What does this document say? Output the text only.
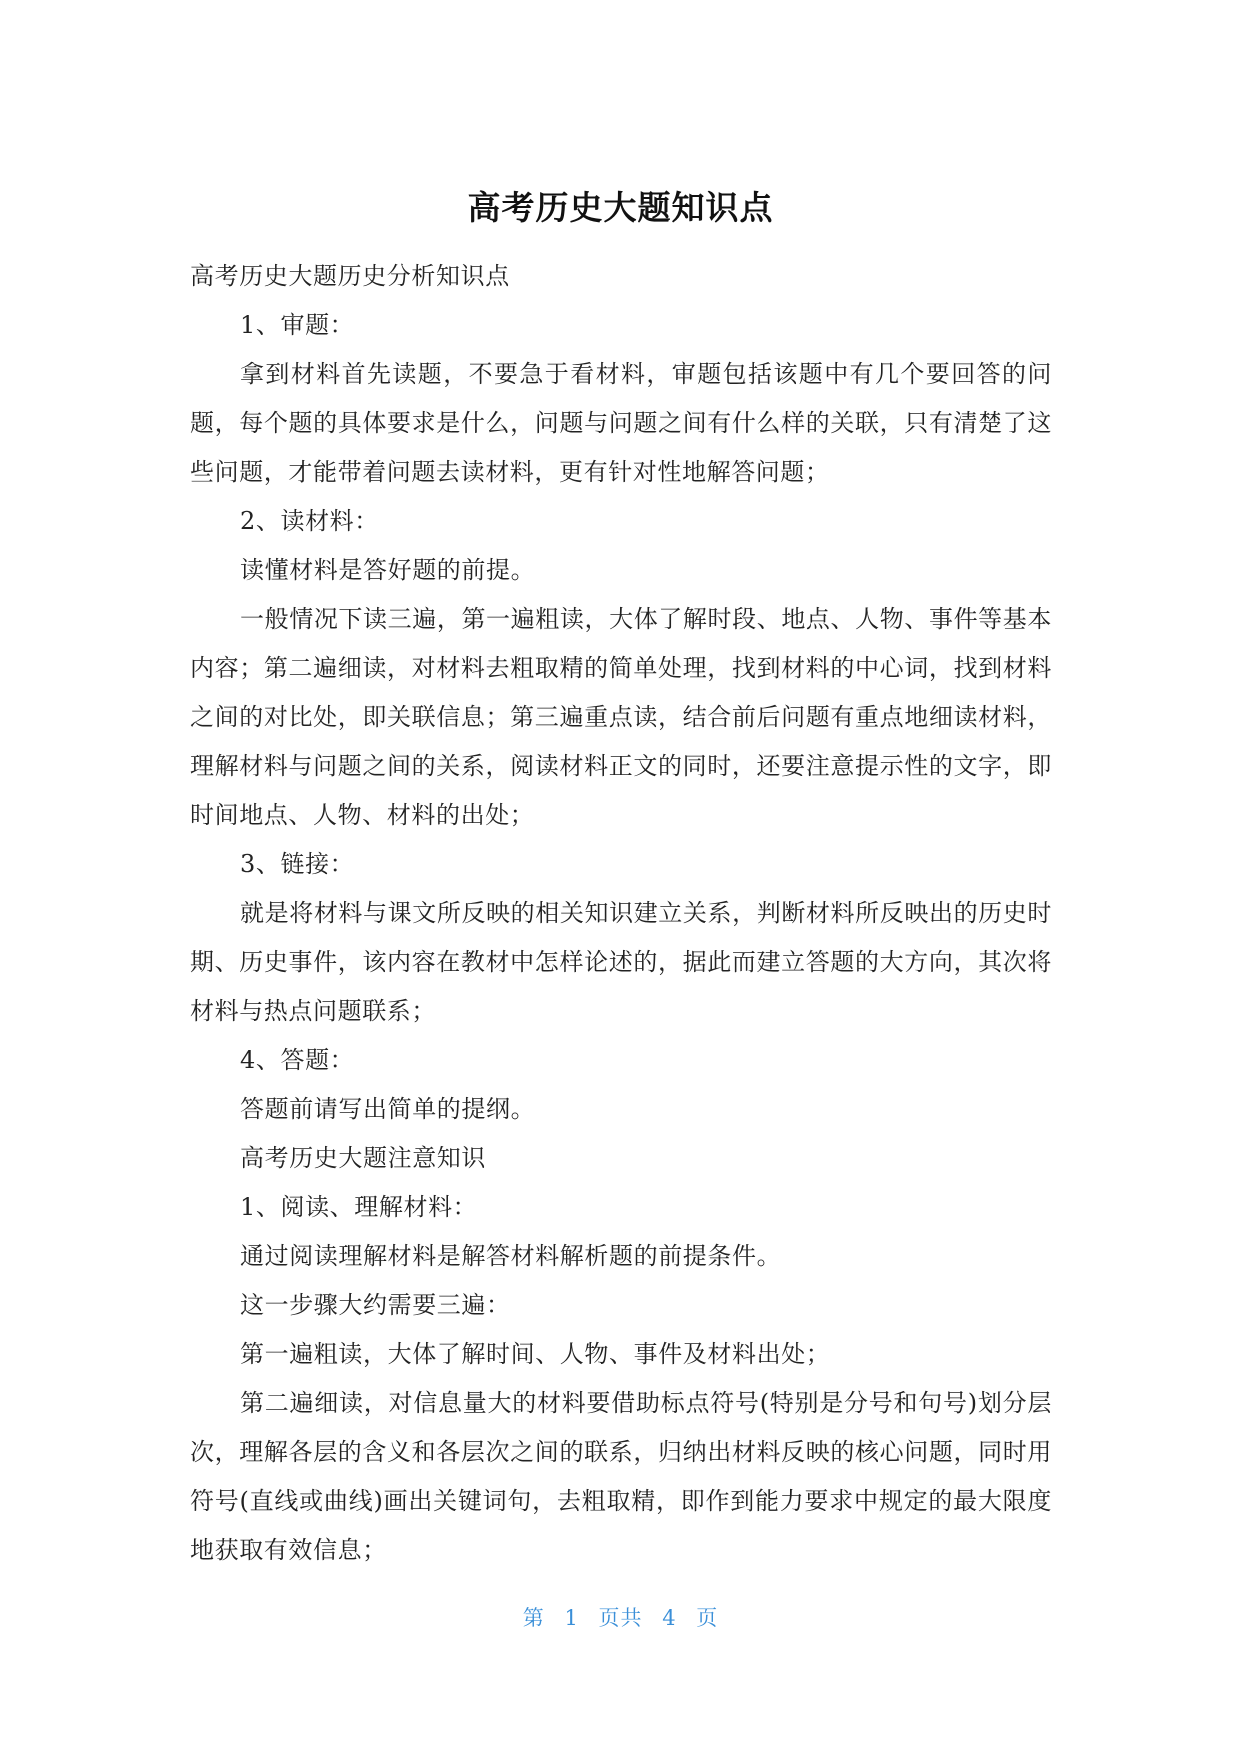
高考历史大题知识点

高考历史大题历史分析知识点

1、审题：

拿到材料首先读题，不要急于看材料，审题包括该题中有几个要回答的问题，每个题的具体要求是什么，问题与问题之间有什么样的关联，只有清楚了这些问题，才能带着问题去读材料，更有针对性地解答问题；

2、读材料：

读懂材料是答好题的前提。

一般情况下读三遍，第一遍粗读，大体了解时段、地点、人物、事件等基本内容；第二遍细读，对材料去粗取精的简单处理，找到材料的中心词，找到材料之间的对比处，即关联信息；第三遍重点读，结合前后问题有重点地细读材料，理解材料与问题之间的关系，阅读材料正文的同时，还要注意提示性的文字，即时间地点、人物、材料的出处；

3、链接：

就是将材料与课文所反映的相关知识建立关系，判断材料所反映出的历史时期、历史事件，该内容在教材中怎样论述的，据此而建立答题的大方向，其次将材料与热点问题联系；

4、答题：

答题前请写出简单的提纲。

高考历史大题注意知识

1、阅读、理解材料：

通过阅读理解材料是解答材料解析题的前提条件。

这一步骤大约需要三遍：

第一遍粗读，大体了解时间、人物、事件及材料出处；

第二遍细读，对信息量大的材料要借助标点符号(特别是分号和句号)划分层次，理解各层的含义和各层次之间的联系，归纳出材料反映的核心问题，同时用符号(直线或曲线)画出关键词句，去粗取精，即作到能力要求中规定的最大限度地获取有效信息；

第 1 页共 4 页
